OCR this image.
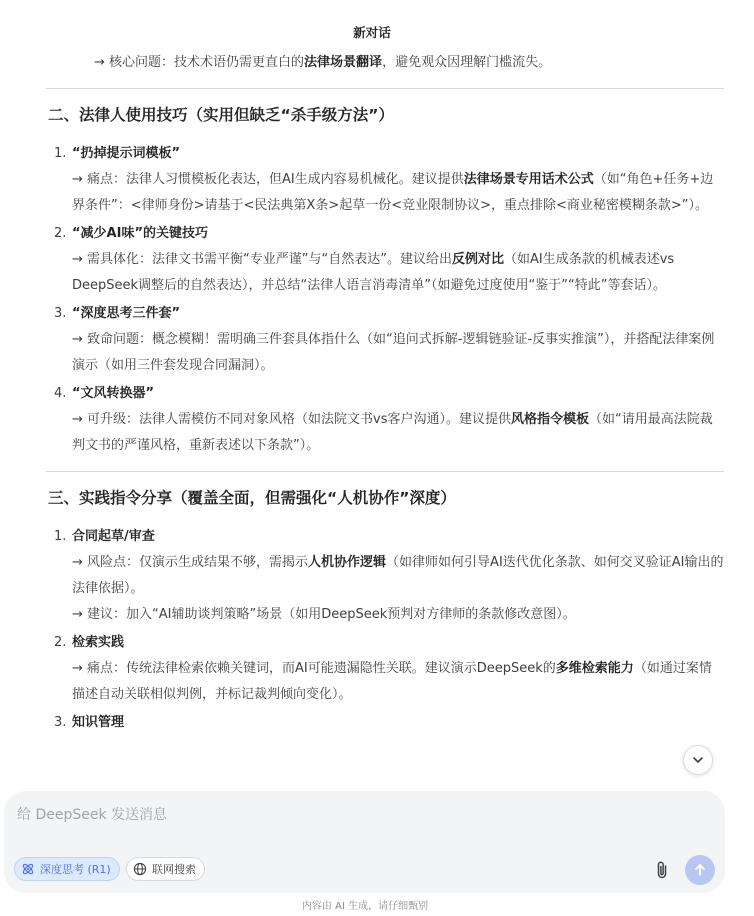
新对话
→ 核心问题：技术术语仍需更直白的法律场景翻译，避免观众因理解门槛流失。
二、法律人使用技巧（实用但缺乏“杀手级方法”）
1. “扔掉提示词模板”
→ 痛点：法律人习惯模板化表达，但AI生成内容易机械化。建议提供法律场景专用话术公式（如“角色+任务+边界条件”：<律师身份>请基于<民法典第X条>起草一份<竞业限制协议>，重点排除<商业秘密模糊条款>”）。
2. “减少AI味”的关键技巧
→ 需具体化：法律文书需平衡“专业严谨”与“自然表达”。建议给出反例对比（如AI生成条款的机械表述vs DeepSeek调整后的自然表达），并总结“法律人语言消毒清单”（如避免过度使用“鉴于”“特此”等套话）。
3. “深度思考三件套”
→ 致命问题：概念模糊！需明确三件套具体指什么（如“追问式拆解-逻辑链验证-反事实推演”），并搭配法律案例演示（如用三件套发现合同漏洞）。
4. “文风转换器”
→ 可升级：法律人需模仿不同对象风格（如法院文书vs客户沟通）。建议提供风格指令模板（如“请用最高法院裁判文书的严谨风格，重新表述以下条款”）。
三、实践指令分享（覆盖全面，但需强化“人机协作”深度）
1. 合同起草/审查
→ 风险点：仅演示生成结果不够，需揭示人机协作逻辑（如律师如何引导AI迭代优化条款、如何交叉验证AI输出的法律依据）。
→ 建议：加入“AI辅助谈判策略”场景（如用DeepSeek预判对方律师的条款修改意图）。
2. 检索实践
→ 痛点：传统法律检索依赖关键词，而AI可能遗漏隐性关联。建议演示DeepSeek的多维检索能力（如通过案情描述自动关联相似判例，并标记裁判倾向变化）。
3. 知识管理
给 DeepSeek 发送消息
深度思考 (R1)	联网搜索
内容由 AI 生成，请仔细甄别
